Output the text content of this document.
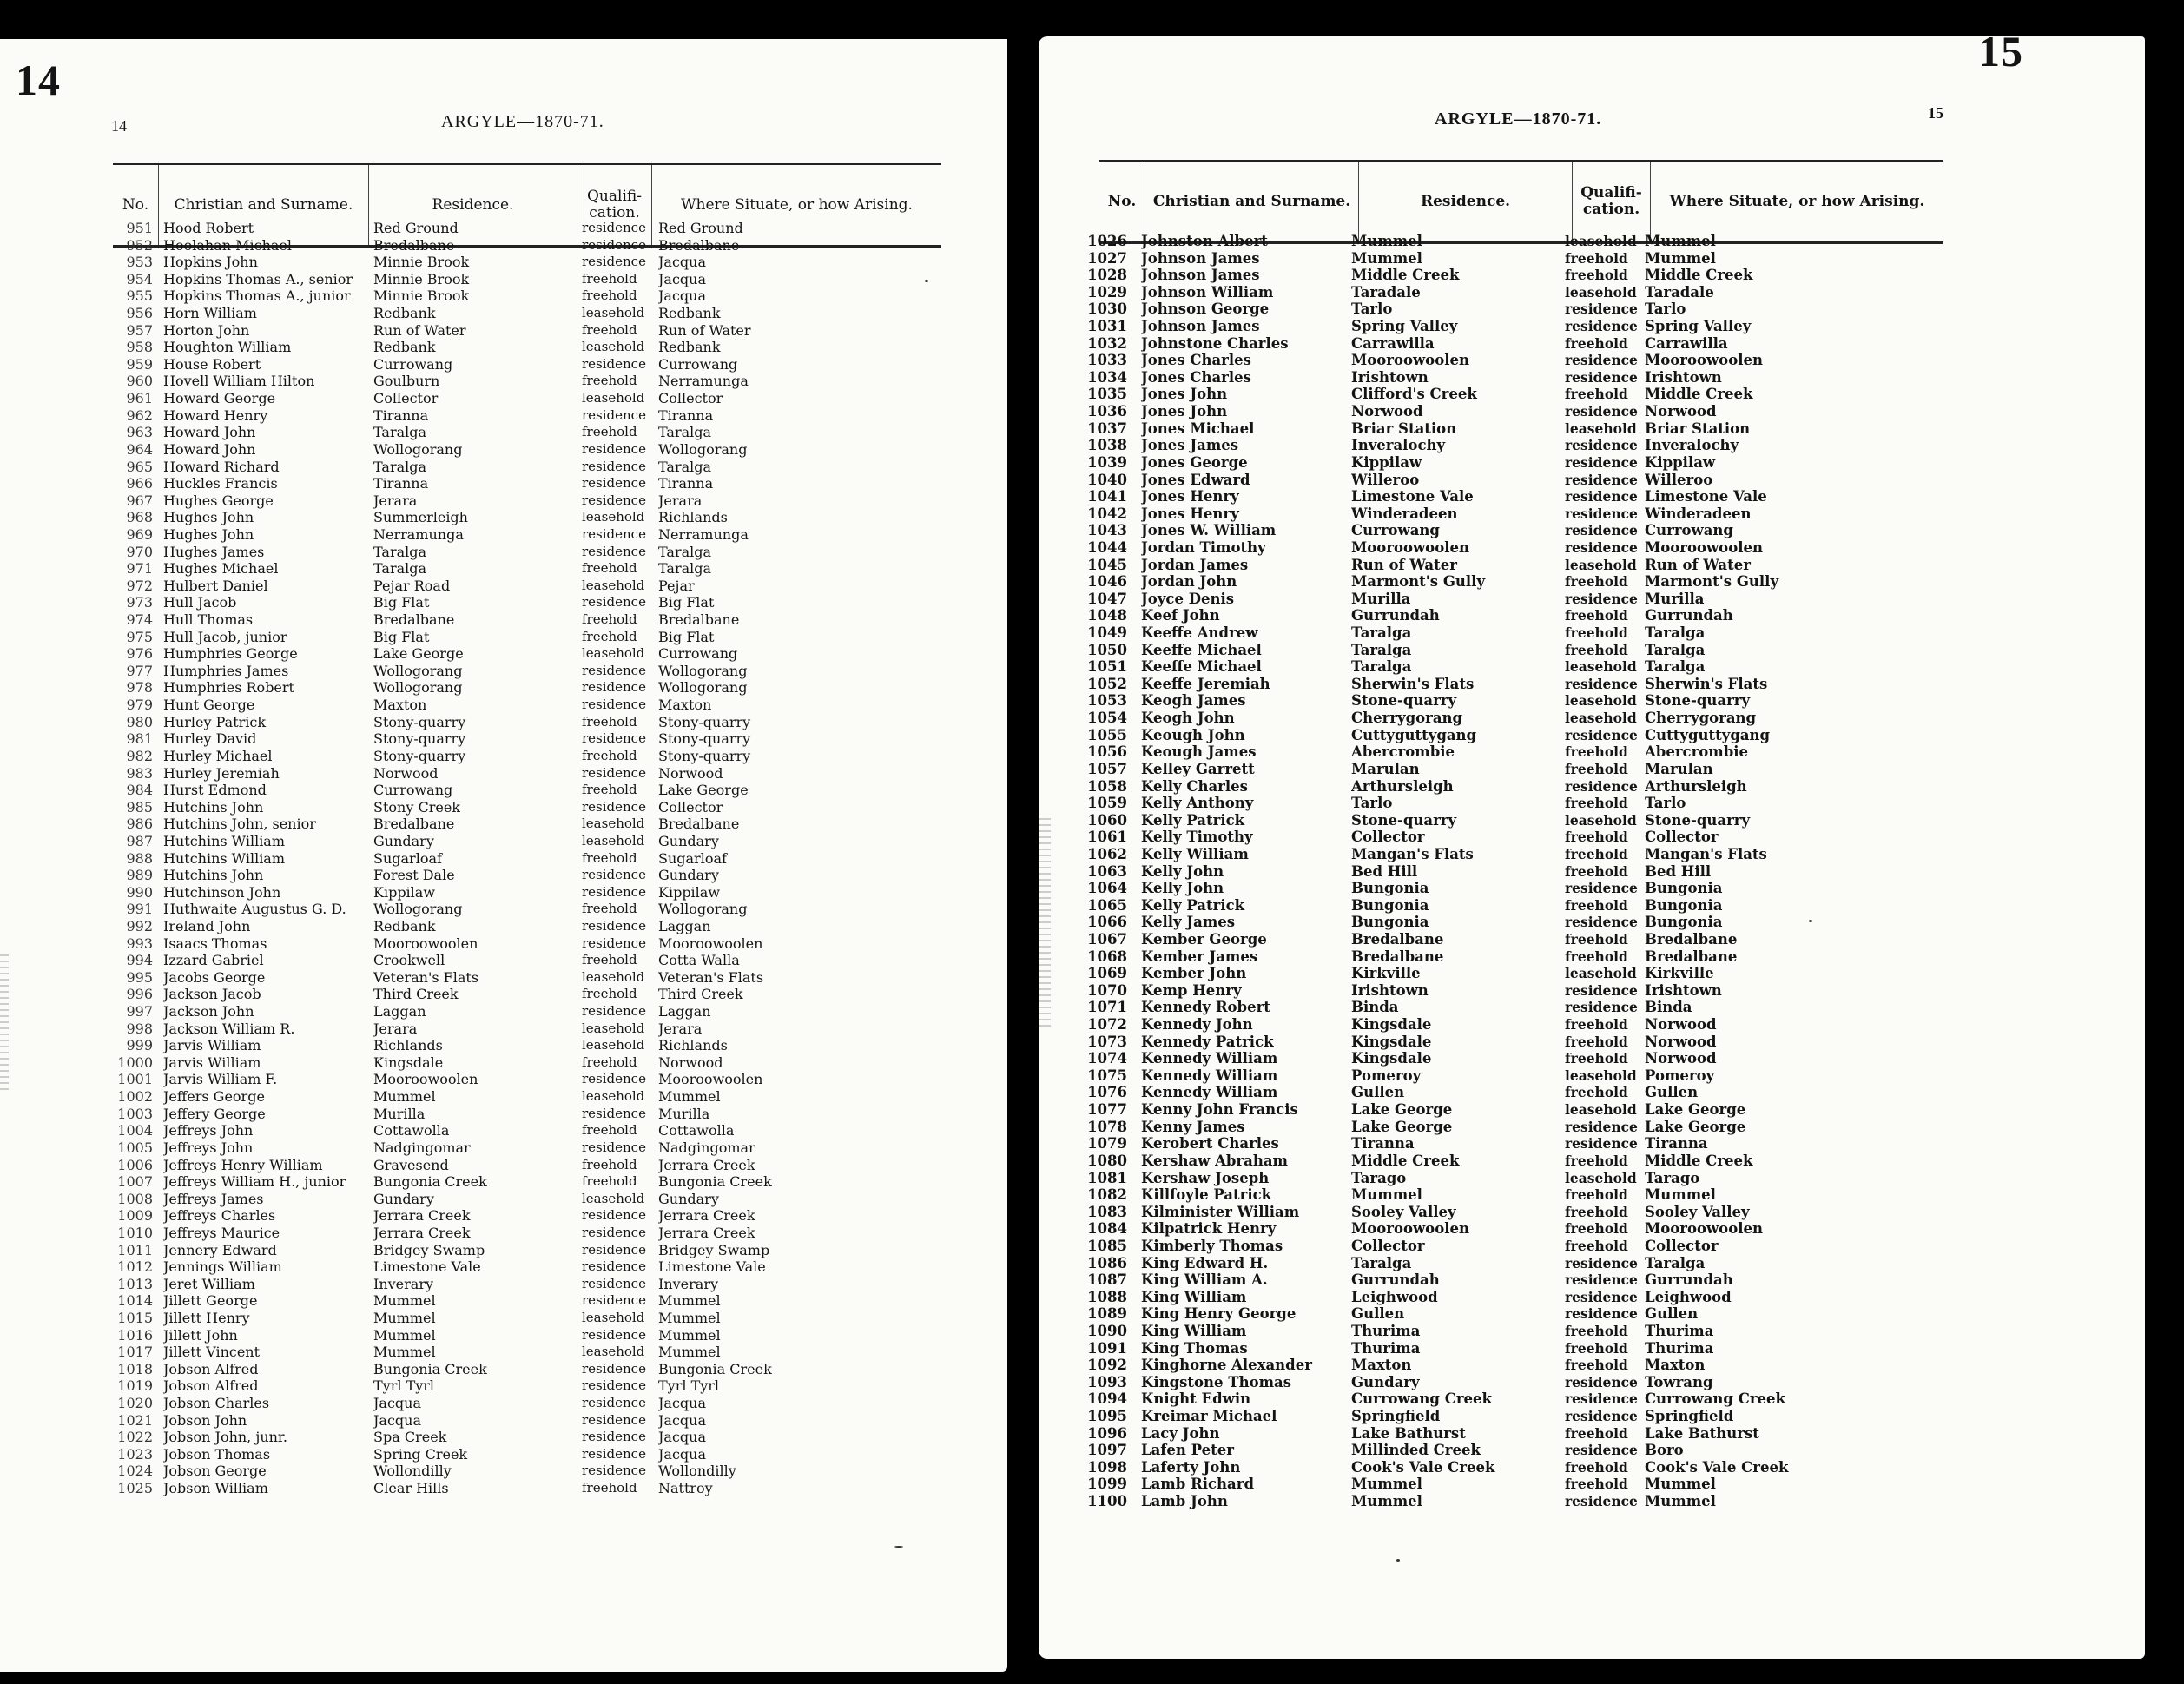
14
14	ARGYLE—1870-71.
No.	Christian and Surname.	Residence.	Qualifi-
cation.	Where Situate, or how Arising.
951 Hood Robert	Red Ground	residence Red Ground
952 Hoolahan Michael	Bredalbane	residence Bredalbane
953 Hopkins John	Minnie Brook	residence Jacqua
954 Hopkins Thomas A., senior	Minnie Brook	freehold	Jacqua
955 Hopkins Thomas A., junior	Minnie Brook	freehold	Jacqua
956 Horn William	Redbank	leasehold Redbank
957 Horton John	Run of Water	freehold	Run of Water
958 Houghton William	Redbank	leasehold Redbank
959 House Robert	Currowang	residence Currowang
960 Hovell William Hilton	Goulburn	freehold	Nerramunga
961 Howard George	Collector	leasehold Collector
962 Howard Henry	Tiranna	residence Tiranna
963 Howard John	Taralga	freehold	Taralga
964 Howard John	Wollogorang	residence Wollogorang
965 Howard Richard	Taralga	residence Taralga
966 Huckles Francis	Tiranna	residence Tiranna
967 Hughes George	Jerara	residence Jerara
968 Hughes John	Summerleigh	leasehold Richlands
969 Hughes John	Nerramunga	residence Nerramunga
970 Hughes James	Taralga	residence Taralga
971 Hughes Michael	Taralga	freehold	Taralga
972 Hulbert Daniel	Pejar Road	leasehold Pejar
973 Hull Jacob	Big Flat	residence Big Flat
974 Hull Thomas	Bredalbane	freehold	Bredalbane
975 Hull Jacob, junior	Big Flat	freehold	Big Flat
976 Humphries George	Lake George	leasehold Currowang
977 Humphries James	Wollogorang	residence Wollogorang
978 Humphries Robert	Wollogorang	residence Wollogorang
979 Hunt George	Maxton	residence Maxton
980 Hurley Patrick	Stony-quarry	freehold	Stony-quarry
981 Hurley David	Stony-quarry	residence Stony-quarry
982 Hurley Michael	Stony-quarry	freehold	Stony-quarry
983 Hurley Jeremiah	Norwood	residence Norwood
984 Hurst Edmond	Currowang	freehold	Lake George
985 Hutchins John	Stony Creek	residence Collector
986 Hutchins John, senior	Bredalbane	leasehold Bredalbane
987 Hutchins William	Gundary	leasehold Gundary
988 Hutchins William	Sugarloaf	freehold	Sugarloaf
989 Hutchins John	Forest Dale	residence Gundary
990 Hutchinson John	Kippilaw	residence Kippilaw
991 Huthwaite Augustus G. D.	Wollogorang	freehold	Wollogorang
992 Ireland John	Redbank	residence Laggan
993 Isaacs Thomas	Mooroowoolen	residence Mooroowoolen
994 Izzard Gabriel	Crookwell	freehold	Cotta Walla
995 Jacobs George	Veteran's Flats	leasehold Veteran's Flats
996 Jackson Jacob	Third Creek	freehold	Third Creek
997 Jackson John	Laggan	residence Laggan
998 Jackson William R.	Jerara	leasehold Jerara
999 Jarvis William	Richlands	leasehold Richlands
1000 Jarvis William	Kingsdale	freehold	Norwood
1001 Jarvis William F.	Mooroowoolen	residence Mooroowoolen
1002 Jeffers George	Mummel	leasehold Mummel
1003 Jeffery George	Murilla	residence Murilla
1004 Jeffreys John	Cottawolla	freehold	Cottawolla
1005 Jeffreys John	Nadgingomar	residence Nadgingomar
1006 Jeffreys Henry William	Gravesend	freehold	Jerrara Creek
1007 Jeffreys William H., junior	Bungonia Creek	freehold	Bungonia Creek
1008 Jeffreys James	Gundary	leasehold Gundary
1009 Jeffreys Charles	Jerrara Creek	residence Jerrara Creek
1010 Jeffreys Maurice	Jerrara Creek	residence Jerrara Creek
1011 Jennery Edward	Bridgey Swamp	residence Bridgey Swamp
1012 Jennings William	Limestone Vale	residence Limestone Vale
1013 Jeret William	Inverary	residence Inverary
1014 Jillett George	Mummel	residence Mummel
1015 Jillett Henry	Mummel	leasehold Mummel
1016 Jillett John	Mummel	residence Mummel
1017 Jillett Vincent	Mummel	leasehold Mummel
1018 Jobson Alfred	Bungonia Creek	residence Bungonia Creek
1019 Jobson Alfred	Tyrl Tyrl	residence Tyrl Tyrl
1020 Jobson Charles	Jacqua	residence Jacqua
1021 Jobson John	Jacqua	residence Jacqua
1022 Jobson John, junr.	Spa Creek	residence Jacqua
1023 Jobson Thomas	Spring Creek	residence Jacqua
1024 Jobson George	Wollondilly	residence Wollondilly
1025 Jobson William	Clear Hills	freehold	Nattroy
15
15
ARGYLE—1870-71.
No.	Christian and Surname.	Residence.	Qualifi-
cation.	Where Situate, or how Arising.
1026 Johnston Albert	Mummel	leasehold Mummel
1027 Johnson James	Mummel	freehold	Mummel
1028 Johnson James	Middle Creek	freehold	Middle Creek
1029 Johnson William	Taradale	leasehold Taradale
1030 Johnson George	Tarlo	residence Tarlo
1031 Johnson James	Spring Valley	residence Spring Valley
1032 Johnstone Charles	Carrawilla	freehold	Carrawilla
1033 Jones Charles	Mooroowoolen	residence Mooroowoolen
1034 Jones Charles	Irishtown	residence Irishtown
1035 Jones John	Clifford's Creek	freehold	Middle Creek
1036 Jones John	Norwood	residence Norwood
1037 Jones Michael	Briar Station	leasehold Briar Station
1038 Jones James	Inveralochy	residence Inveralochy
1039 Jones George	Kippilaw	residence Kippilaw
1040 Jones Edward	Willeroo	residence Willeroo
1041 Jones Henry	Limestone Vale	residence Limestone Vale
1042 Jones Henry	Winderadeen	residence Winderadeen
1043 Jones W. William	Currowang	residence Currowang
1044 Jordan Timothy	Mooroowoolen	residence Mooroowoolen
1045 Jordan James	Run of Water	leasehold Run of Water
1046 Jordan John	Marmont's Gully	freehold	Marmont's Gully
1047 Joyce Denis	Murilla	residence Murilla
1048 Keef John	Gurrundah	freehold	Gurrundah
1049 Keeffe Andrew	Taralga	freehold	Taralga
1050 Keeffe Michael	Taralga	freehold	Taralga
1051 Keeffe Michael	Taralga	leasehold Taralga
1052 Keeffe Jeremiah	Sherwin's Flats	residence Sherwin's Flats
1053 Keogh James	Stone-quarry	leasehold Stone-quarry
1054 Keogh John	Cherrygorang	leasehold Cherrygorang
1055 Keough John	Cuttyguttygang	residence Cuttyguttygang
1056 Keough James	Abercrombie	freehold	Abercrombie
1057 Kelley Garrett	Marulan	freehold	Marulan
1058 Kelly Charles	Arthursleigh	residence Arthursleigh
1059 Kelly Anthony	Tarlo	freehold	Tarlo
1060 Kelly Patrick	Stone-quarry	leasehold Stone-quarry
1061 Kelly Timothy	Collector	freehold	Collector
1062 Kelly William	Mangan's Flats	freehold	Mangan's Flats
1063 Kelly John	Bed Hill	freehold	Bed Hill
1064 Kelly John	Bungonia	residence Bungonia
1065 Kelly Patrick	Bungonia	freehold	Bungonia
1066 Kelly James	Bungonia	residence Bungonia
1067 Kember George	Bredalbane	freehold	Bredalbane
1068 Kember James	Bredalbane	freehold	Bredalbane
1069 Kember John	Kirkville	leasehold Kirkville
1070 Kemp Henry	Irishtown	residence Irishtown
1071 Kennedy Robert	Binda	residence Binda
1072 Kennedy John	Kingsdale	freehold	Norwood
1073 Kennedy Patrick	Kingsdale	freehold	Norwood
1074 Kennedy William	Kingsdale	freehold	Norwood
1075 Kennedy William	Pomeroy	leasehold Pomeroy
1076 Kennedy William	Gullen	freehold	Gullen
1077 Kenny John Francis	Lake George	leasehold Lake George
1078 Kenny James	Lake George	residence Lake George
1079 Kerobert Charles	Tiranna	residence Tiranna
1080 Kershaw Abraham	Middle Creek	freehold	Middle Creek
1081 Kershaw Joseph	Tarago	leasehold Tarago
1082 Killfoyle Patrick	Mummel	freehold	Mummel
1083 Kilminister William	Sooley Valley	freehold	Sooley Valley
1084 Kilpatrick Henry	Mooroowoolen	freehold	Mooroowoolen
1085 Kimberly Thomas	Collector	freehold	Collector
1086 King Edward H.	Taralga	residence Taralga
1087 King William A.	Gurrundah	residence Gurrundah
1088 King William	Leighwood	residence Leighwood
1089 King Henry George	Gullen	residence Gullen
1090 King William	Thurima	freehold	Thurima
1091 King Thomas	Thurima	freehold	Thurima
1092 Kinghorne Alexander	Maxton	freehold	Maxton
1093 Kingstone Thomas	Gundary	residence Towrang
1094 Knight Edwin	Currowang Creek	residence Currowang Creek
1095 Kreimar Michael	Springfield	residence Springfield
1096 Lacy John	Lake Bathurst	freehold	Lake Bathurst
1097 Lafen Peter	Millinded Creek	residence Boro
1098 Laferty John	Cook's Vale Creek	freehold	Cook's Vale Creek
1099 Lamb Richard	Mummel	freehold	Mummel
1100 Lamb John	Mummel	residence Mummel
